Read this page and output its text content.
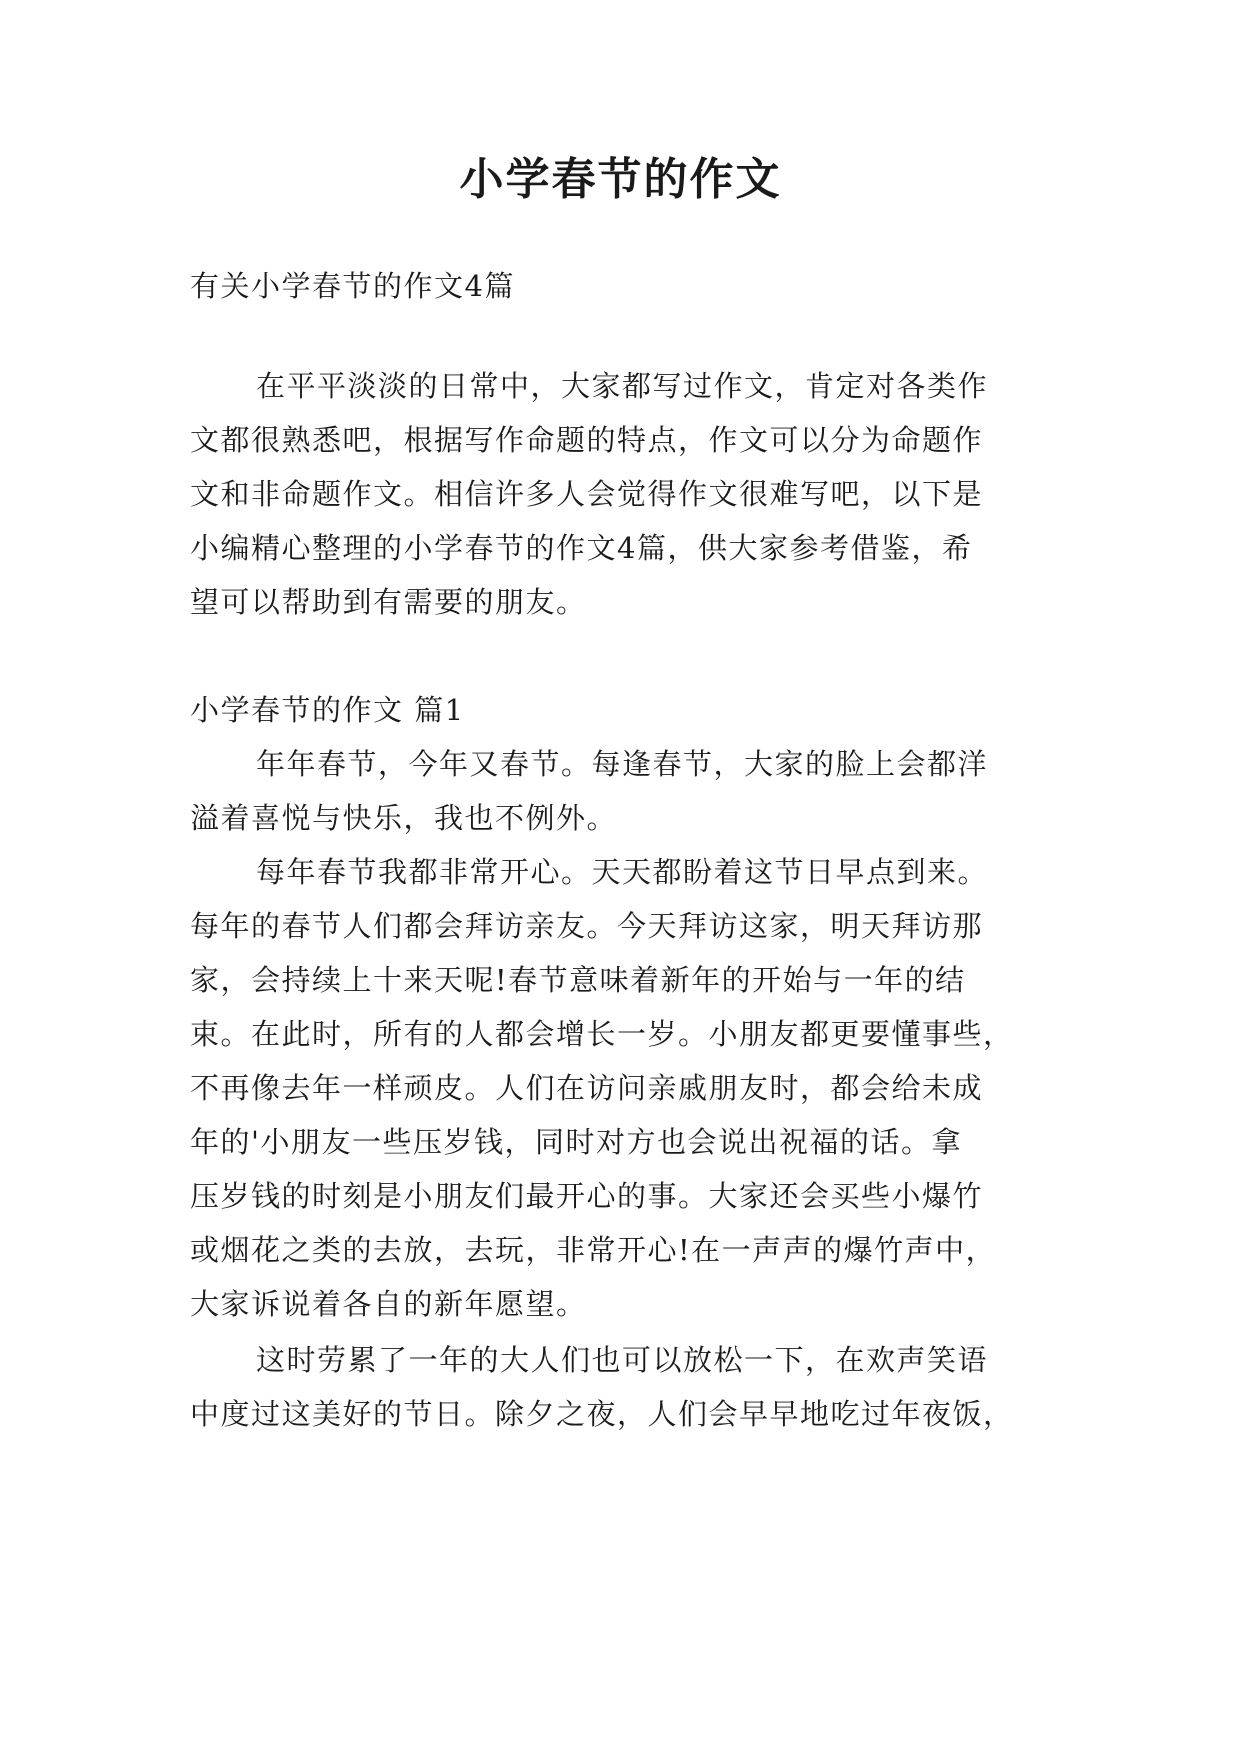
小学春节的作文
有关小学春节的作文4篇
在平平淡淡的日常中，大家都写过作文，肯定对各类作
文都很熟悉吧，根据写作命题的特点，作文可以分为命题作
文和非命题作文。相信许多人会觉得作文很难写吧，以下是
小编精心整理的小学春节的作文4篇，供大家参考借鉴，希
望可以帮助到有需要的朋友。
小学春节的作文 篇1
年年春节，今年又春节。每逢春节，大家的脸上会都洋
溢着喜悦与快乐，我也不例外。
每年春节我都非常开心。天天都盼着这节日早点到来。
每年的春节人们都会拜访亲友。今天拜访这家，明天拜访那
家，会持续上十来天呢!春节意味着新年的开始与一年的结
束。在此时，所有的人都会增长一岁。小朋友都更要懂事些，
不再像去年一样顽皮。人们在访问亲戚朋友时，都会给未成
年的'小朋友一些压岁钱，同时对方也会说出祝福的话。拿
压岁钱的时刻是小朋友们最开心的事。大家还会买些小爆竹
或烟花之类的去放，去玩，非常开心!在一声声的爆竹声中，
大家诉说着各自的新年愿望。
这时劳累了一年的大人们也可以放松一下，在欢声笑语
中度过这美好的节日。除夕之夜，人们会早早地吃过年夜饭，
